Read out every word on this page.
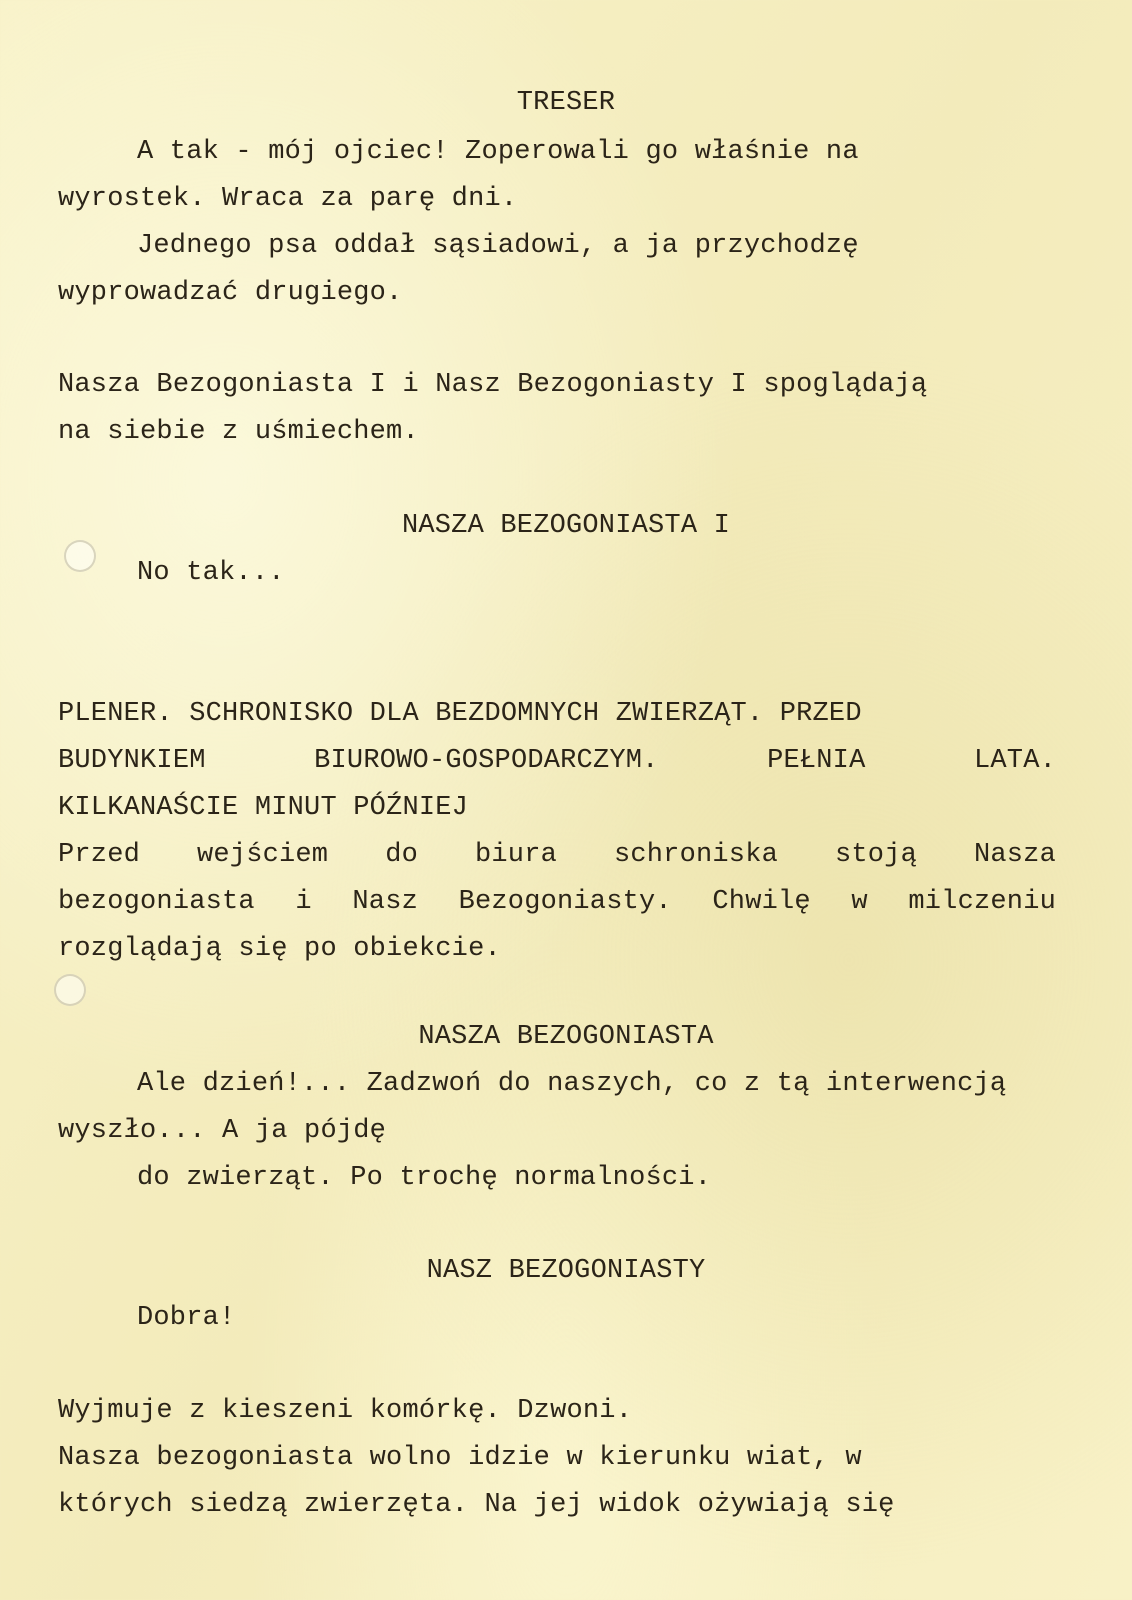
TRESER
A tak - mój ojciec! Zoperowali go właśnie na
wyrostek. Wraca za parę dni.
Jednego psa oddał sąsiadowi, a ja przychodzę
wyprowadzać drugiego.
Nasza Bezogoniasta I i Nasz Bezogoniasty I spoglądają
na siebie z uśmiechem.
NASZA BEZOGONIASTA I
No tak...
PLENER. SCHRONISKO DLA BEZDOMNYCH ZWIERZĄT. PRZED
BUDYNKIEM BIUROWO-GOSPODARCZYM. PEŁNIA LATA.
KILKANAŚCIE MINUT PÓŹNIEJ
Przed wejściem do biura schroniska stoją Nasza
bezogoniasta i Nasz Bezogoniasty. Chwilę w milczeniu
rozglądają się po obiekcie.
NASZA BEZOGONIASTA
Ale dzień!... Zadzwoń do naszych, co z tą interwencją
wyszło... A ja pójdę
do zwierząt. Po trochę normalności.
NASZ BEZOGONIASTY
Dobra!
Wyjmuje z kieszeni komórkę. Dzwoni.
Nasza bezogoniasta wolno idzie w kierunku wiat, w
których siedzą zwierzęta. Na jej widok ożywiają się
